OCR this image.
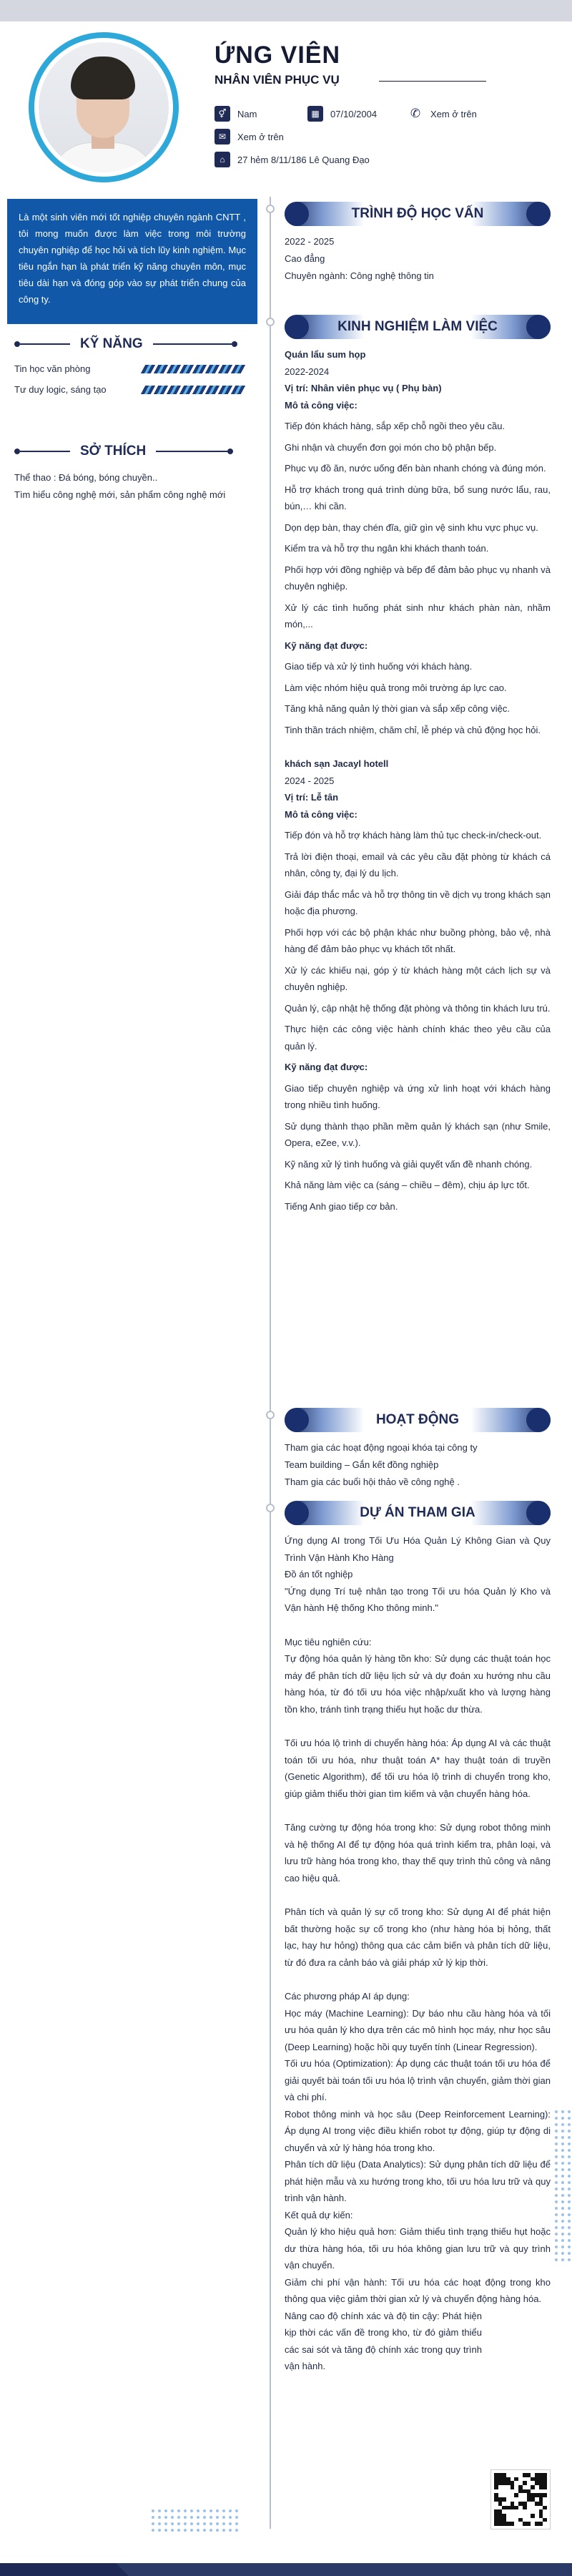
ỨNG VIÊN
NHÂN VIÊN PHỤC VỤ
⚥	Nam	▦	07/10/2004	✆ Xem ở trên
✉	Xem ở trên
⌂	27 hẻm 8/11/186 Lê Quang Đạo
Là một sinh viên mới tốt nghiệp chuyên ngành CNTT , tôi mong muốn được làm việc trong môi trường chuyên nghiệp để học hỏi và tích lũy kinh nghiệm. Mục tiêu ngắn hạn là phát triển kỹ năng chuyên môn, mục tiêu dài hạn và đóng góp vào sự phát triển chung của công ty.
KỸ NĂNG
Tin học văn phòng
Tư duy logic, sáng tạo
SỞ THÍCH
Thể thao : Đá bóng, bóng chuyền..
Tìm hiểu công nghệ mới, sản phẩm công nghệ mới
TRÌNH ĐỘ HỌC VẤN
2022 - 2025
Cao đẳng
Chuyên ngành: Công nghệ thông tin
KINH NGHIỆM LÀM VIỆC
Quán lẩu sum họp
2022-2024
Vị trí: Nhân viên phục vụ ( Phụ bàn)
Mô tả công việc:

Tiếp đón khách hàng, sắp xếp chỗ ngồi theo yêu cầu.

Ghi nhận và chuyển đơn gọi món cho bộ phận bếp.

Phục vụ đồ ăn, nước uống đến bàn nhanh chóng và đúng món.

Hỗ trợ khách trong quá trình dùng bữa, bổ sung nước lẩu, rau, bún,… khi cần.

Dọn dẹp bàn, thay chén đĩa, giữ gìn vệ sinh khu vực phục vụ.

Kiểm tra và hỗ trợ thu ngân khi khách thanh toán.

Phối hợp với đồng nghiệp và bếp để đảm bảo phục vụ nhanh và chuyên nghiệp.

Xử lý các tình huống phát sinh như khách phàn nàn, nhầm món,...

Kỹ năng đạt được:

Giao tiếp và xử lý tình huống với khách hàng.

Làm việc nhóm hiệu quả trong môi trường áp lực cao.

Tăng khả năng quản lý thời gian và sắp xếp công việc.

Tinh thần trách nhiệm, chăm chỉ, lễ phép và chủ động học hỏi.

khách sạn Jacayl hotell
2024 - 2025
Vị trí: Lễ tân
Mô tả công việc:

Tiếp đón và hỗ trợ khách hàng làm thủ tục check-in/check-out.

Trả lời điện thoại, email và các yêu cầu đặt phòng từ khách cá nhân, công ty, đại lý du lịch.

Giải đáp thắc mắc và hỗ trợ thông tin về dịch vụ trong khách sạn hoặc địa phương.

Phối hợp với các bộ phận khác như buồng phòng, bảo vệ, nhà hàng để đảm bảo phục vụ khách tốt nhất.

Xử lý các khiếu nại, góp ý từ khách hàng một cách lịch sự và chuyên nghiệp.

Quản lý, cập nhật hệ thống đặt phòng và thông tin khách lưu trú.

Thực hiện các công việc hành chính khác theo yêu cầu của quản lý.

Kỹ năng đạt được:

Giao tiếp chuyên nghiệp và ứng xử linh hoạt với khách hàng trong nhiều tình huống.

Sử dụng thành thạo phần mềm quản lý khách sạn (như Smile, Opera, eZee, v.v.).

Kỹ năng xử lý tình huống và giải quyết vấn đề nhanh chóng.

Khả năng làm việc ca (sáng – chiều – đêm), chịu áp lực tốt.

Tiếng Anh giao tiếp cơ bản.

HOẠT ĐỘNG
Tham gia các hoạt động ngoại khóa tại công ty
Team building – Gắn kết đồng nghiệp
Tham gia các buổi hội thảo về công nghệ .
DỰ ÁN THAM GIA

Ứng dụng AI trong Tối Ưu Hóa Quản Lý Không Gian và Quy Trình Vận Hành Kho Hàng

Đồ án tốt nghiệp

"Ứng dụng Trí tuệ nhân tạo trong Tối ưu hóa Quản lý Kho và Vận hành Hệ thống Kho thông minh."

Mục tiêu nghiên cứu:

Tự động hóa quản lý hàng tồn kho: Sử dụng các thuật toán học máy để phân tích dữ liệu lịch sử và dự đoán xu hướng nhu cầu hàng hóa, từ đó tối ưu hóa việc nhập/xuất kho và lượng hàng tồn kho, tránh tình trạng thiếu hụt hoặc dư thừa.

Tối ưu hóa lộ trình di chuyển hàng hóa: Áp dụng AI và các thuật toán tối ưu hóa, như thuật toán A* hay thuật toán di truyền (Genetic Algorithm), để tối ưu hóa lộ trình di chuyển trong kho, giúp giảm thiểu thời gian tìm kiếm và vận chuyển hàng hóa.

Tăng cường tự động hóa trong kho: Sử dụng robot thông minh và hệ thống AI để tự động hóa quá trình kiểm tra, phân loại, và lưu trữ hàng hóa trong kho, thay thế quy trình thủ công và nâng cao hiệu quả.

Phân tích và quản lý sự cố trong kho: Sử dụng AI để phát hiện bất thường hoặc sự cố trong kho (như hàng hóa bị hỏng, thất lạc, hay hư hỏng) thông qua các cảm biến và phân tích dữ liệu, từ đó đưa ra cảnh báo và giải pháp xử lý kịp thời.

Các phương pháp AI áp dụng:

Học máy (Machine Learning): Dự báo nhu cầu hàng hóa và tối ưu hóa quản lý kho dựa trên các mô hình học máy, như học sâu (Deep Learning) hoặc hồi quy tuyến tính (Linear Regression).

Tối ưu hóa (Optimization): Áp dụng các thuật toán tối ưu hóa để giải quyết bài toán tối ưu hóa lộ trình vận chuyển, giảm thời gian và chi phí.

Robot thông minh và học sâu (Deep Reinforcement Learning): Áp dụng AI trong việc điều khiển robot tự động, giúp tự động di chuyển và xử lý hàng hóa trong kho.

Phân tích dữ liệu (Data Analytics): Sử dụng phân tích dữ liệu để phát hiện mẫu và xu hướng trong kho, tối ưu hóa lưu trữ và quy trình vận hành.

Kết quả dự kiến:

Quản lý kho hiệu quả hơn: Giảm thiểu tình trạng thiếu hụt hoặc dư thừa hàng hóa, tối ưu hóa không gian lưu trữ và quy trình vận chuyển.

Giảm chi phí vận hành: Tối ưu hóa các hoạt động trong kho thông qua việc giảm thời gian xử lý và chuyển động hàng hóa.

Nâng cao độ chính xác và độ tin cậy: Phát hiện kịp thời các vấn đề trong kho, từ đó giảm thiểu các sai sót và tăng độ chính xác trong quy trình vận hành.
